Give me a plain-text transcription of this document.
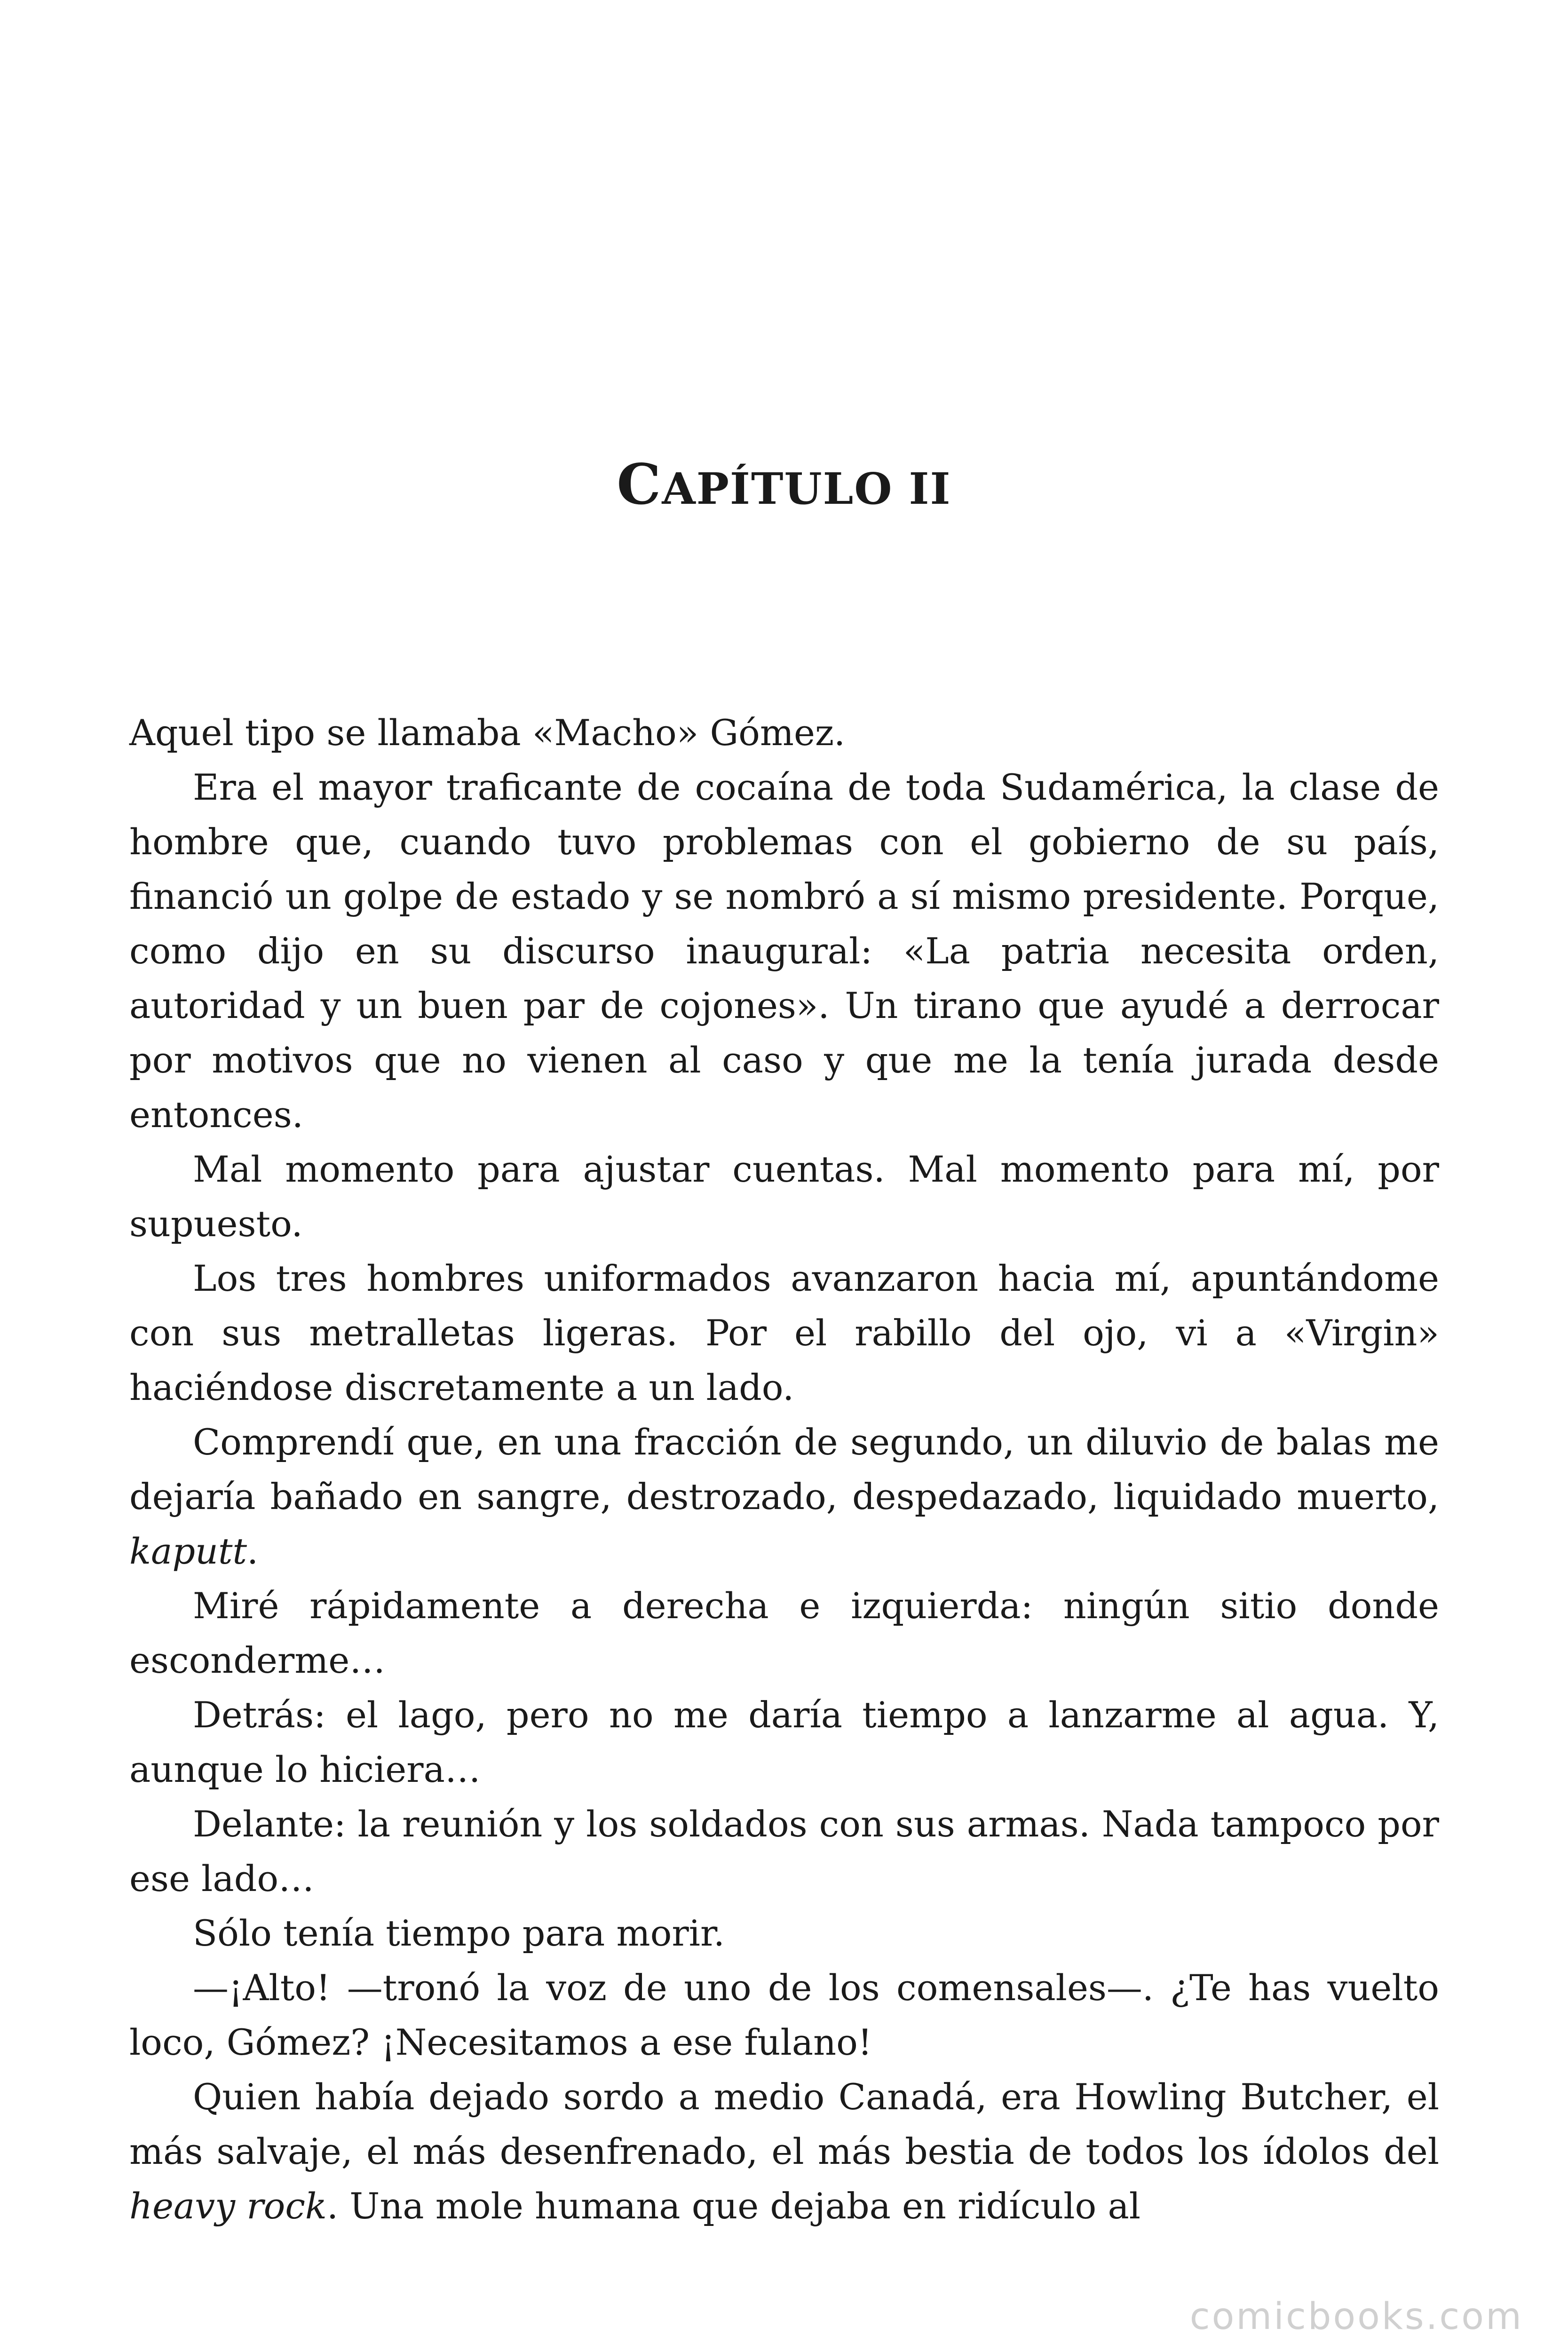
CAPÍTULO II

Aquel tipo se llamaba «Macho» Gómez.

Era el mayor traficante de cocaína de toda Sudamérica, la clase de hombre que, cuando tuvo problemas con el gobierno de su país, financió un golpe de estado y se nombró a sí mismo presidente. Porque, como dijo en su discurso inaugural: «La patria necesita orden, autoridad y un buen par de cojones». Un tirano que ayudé a derrocar por motivos que no vienen al caso y que me la tenía jurada desde entonces.

Mal momento para ajustar cuentas. Mal momento para mí, por supuesto.

Los tres hombres uniformados avanzaron hacia mí, apuntándome con sus metralletas ligeras. Por el rabillo del ojo, vi a «Virgin» haciéndose discretamente a un lado.

Comprendí que, en una fracción de segundo, un diluvio de balas me dejaría bañado en sangre, destrozado, despedazado, liquidado muerto, kaputt.

Miré rápidamente a derecha e izquierda: ningún sitio donde esconderme…

Detrás: el lago, pero no me daría tiempo a lanzarme al agua. Y, aunque lo hiciera…

Delante: la reunión y los soldados con sus armas. Nada tampoco por ese lado…

Sólo tenía tiempo para morir.

—¡Alto! —tronó la voz de uno de los comensales—. ¿Te has vuelto loco, Gómez? ¡Necesitamos a ese fulano!

Quien había dejado sordo a medio Canadá, era Howling Butcher, el más salvaje, el más desenfrenado, el más bestia de todos los ídolos del heavy rock. Una mole humana que dejaba en ridículo al

comicbooks.com
